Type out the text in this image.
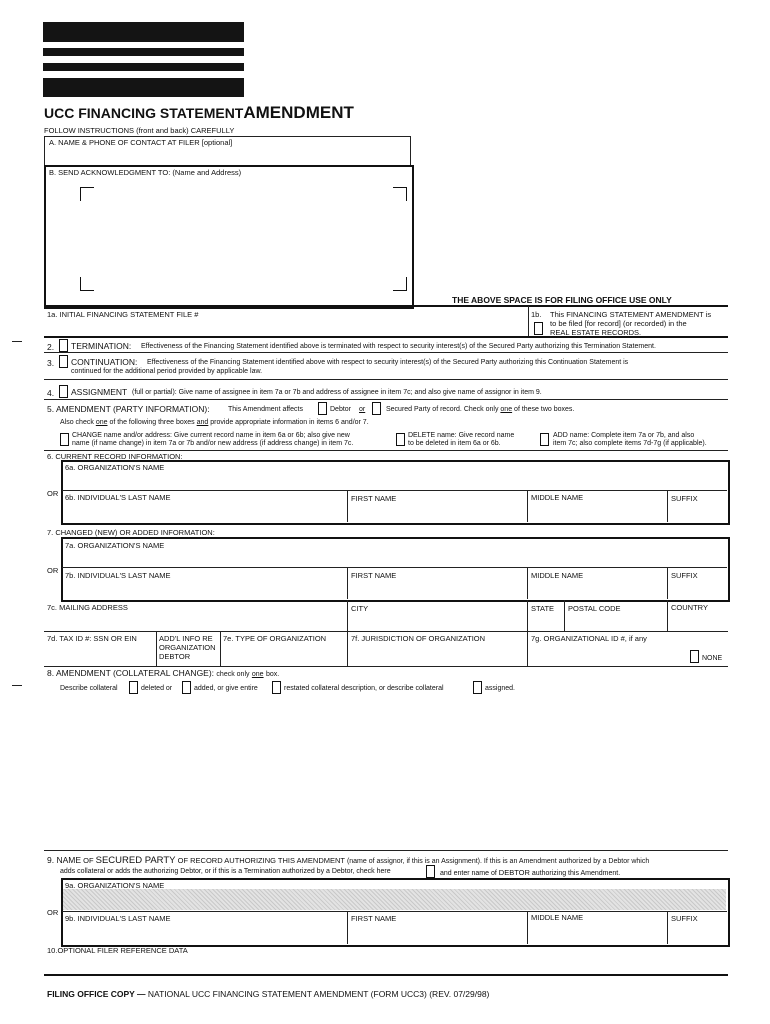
UCC FINANCING STATEMENTAMENDMENT
FOLLOW INSTRUCTIONS (front and back) CAREFULLY
A. NAME & PHONE OF CONTACT AT FILER [optional]
B. SEND ACKNOWLEDGMENT TO: (Name and Address)
THE ABOVE SPACE IS FOR FILING OFFICE USE ONLY
1a. INITIAL FINANCING STATEMENT FILE #	1b. This FINANCING STATEMENT AMENDMENT is
to be filed [for record] (or recorded) in the
REAL ESTATE RECORDS.
2. TERMINATION: Effectiveness of the Financing Statement identified above is terminated with respect to security interest(s) of the Secured Party authorizing this Termination Statement.
3. CONTINUATION: Effectiveness of the Financing Statement identified above with respect to security interest(s) of the Secured Party authorizing this Continuation Statement is
continued for the additional period provided by applicable law.
4. ASSIGNMENT (full or partial): Give name of assignee in item 7a or 7b and address of assignee in item 7c; and also give name of assignor in item 9.
5. AMENDMENT (PARTY INFORMATION):	This Amendment affects	Debtor or	Secured Party of record. Check only one of these two boxes.
Also check one of the following three boxes and provide appropriate information in items 6 and/or 7.
CHANGE name and/or address: Give current record name in item 6a or 6b; also give new
name (if name change) in item 7a or 7b and/or new address (if address change) in item 7c.
DELETE name: Give record name
to be deleted in item 6a or 6b.
ADD name: Complete item 7a or 7b, and also
item 7c; also complete items 7d-7g (if applicable).
6. CURRENT RECORD INFORMATION:
6a. ORGANIZATION'S NAME
OR 6b. INDIVIDUAL'S LAST NAME	FIRST NAME	MIDDLE NAME	SUFFIX
7. CHANGED (NEW) OR ADDED INFORMATION:
7a. ORGANIZATION'S NAME
OR
7b. INDIVIDUAL'S LAST NAME	FIRST NAME	MIDDLE NAME	SUFFIX
7c. MAILING ADDRESS	CITY	STATE POSTAL CODE	COUNTRY
7d. TAX ID #: SSN OR EIN	ADD'L INFO RE
ORGANIZATION
DEBTOR
7e. TYPE OF ORGANIZATION	7f. JURISDICTION OF ORGANIZATION	7g. ORGANIZATIONAL ID #, if any
NONE
8. AMENDMENT (COLLATERAL CHANGE): check only one box.
Describe collateral	deleted or	added, or give entire	restated collateral description, or describe collateral	assigned.
9. NAME OF SECURED PARTY OF RECORD AUTHORIZING THIS AMENDMENT (name of assignor, if this is an Assignment). If this is an Amendment authorized by a Debtor which
adds collateral or adds the authorizing Debtor, or if this is a Termination authorized by a Debtor, check here	and enter name of DEBTOR authorizing this Amendment.
9a. ORGANIZATION'S NAME
OR
9b. INDIVIDUAL'S LAST NAME	FIRST NAME	MIDDLE NAME	SUFFIX
10.OPTIONAL FILER REFERENCE DATA
FILING OFFICE COPY — NATIONAL UCC FINANCING STATEMENT AMENDMENT (FORM UCC3) (REV. 07/29/98)
